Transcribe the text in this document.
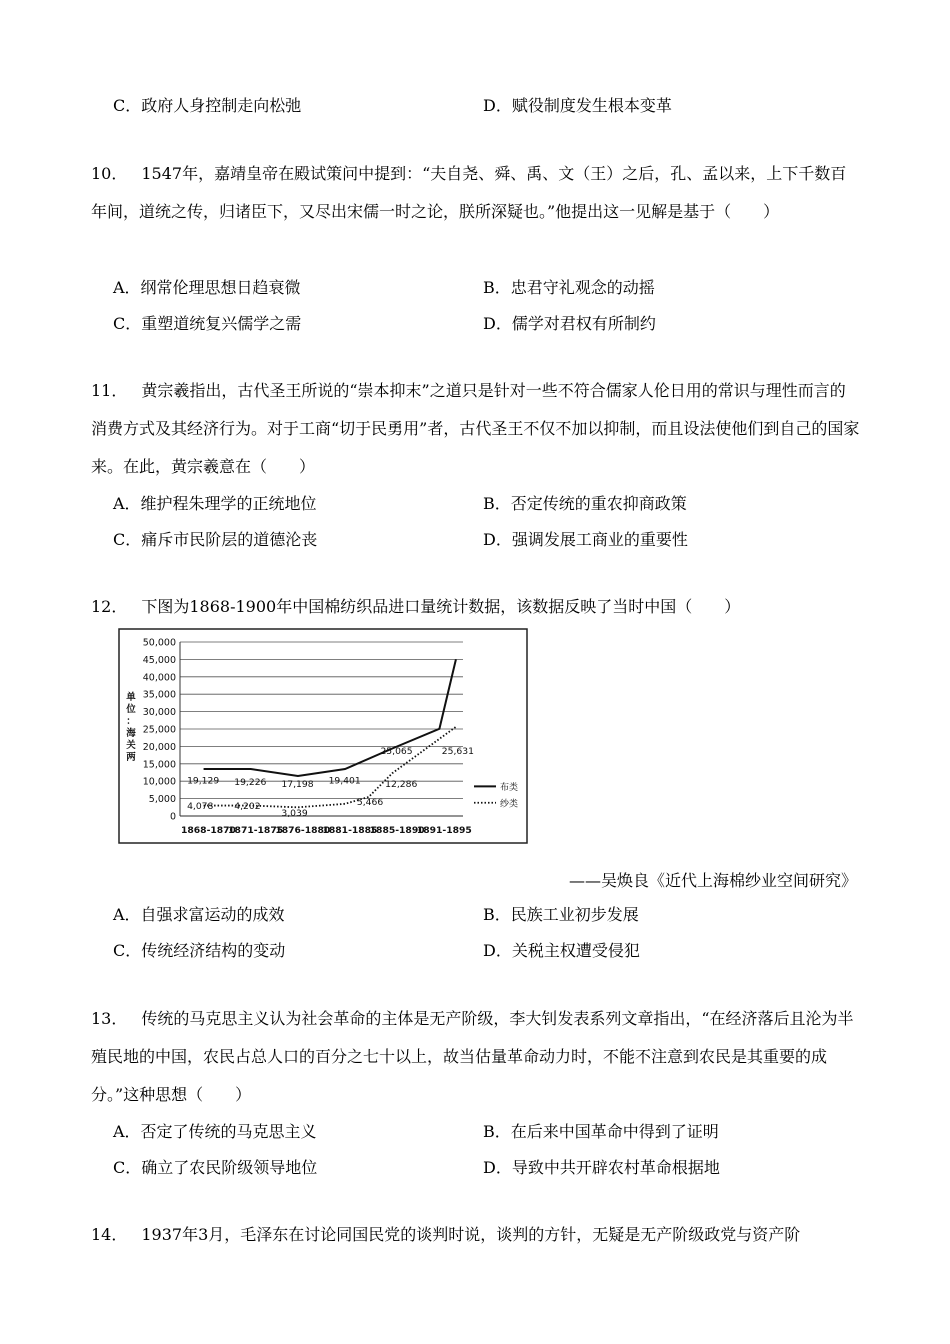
C．政府人身控制走向松弛	D．赋役制度发生根本变革

10． 1547年，嘉靖皇帝在殿试策问中提到：“夫自尧、舜、禹、文（王）之后，孔、孟以来，上下千数百年间，道统之传，归诸臣下，又尽出宋儒一时之论，朕所深疑也。”他提出这一见解是基于（　　）

A．纲常伦理思想日趋衰微	B．忠君守礼观念的动摇
C．重塑道统复兴儒学之需	D．儒学对君权有所制约

11． 黄宗羲指出，古代圣王所说的“崇本抑末”之道只是针对一些不符合儒家人伦日用的常识与理性而言的消费方式及其经济行为。对于工商“切于民勇用”者，古代圣王不仅不加以抑制，而且设法使他们到自己的国家来。在此，黄宗羲意在（　　）

A．维护程朱理学的正统地位	B．否定传统的重农抑商政策
C．痛斥市民阶层的道德沦丧	D．强调发展工商业的重要性

12． 下图为1868-1900年中国棉纺织品进口量统计数据，该数据反映了当时中国（　　）

0
5,000
10,000
15,000
20,000
25,000
30,000
35,000
40,000
45,000
50,000
1868-1870
1871-1875
1876-1880
1881-1885
1885-1890
1891-1895
19,129 19,226 17,198 19,401
25,065	25,631
12,286
5,466
4,078 4,202
3,039
布类
纱类
单
位
：
海
关
两
——吴焕良《近代上海棉纱业空间研究》
A．自强求富运动的成效	B．民族工业初步发展
C．传统经济结构的变动	D．关税主权遭受侵犯

13． 传统的马克思主义认为社会革命的主体是无产阶级，李大钊发表系列文章指出，“在经济落后且沦为半殖民地的中国，农民占总人口的百分之七十以上，故当估量革命动力时，不能不注意到农民是其重要的成分。”这种思想（　　）

A．否定了传统的马克思主义	B．在后来中国革命中得到了证明
C．确立了农民阶级领导地位	D．导致中共开辟农村革命根据地

14． 1937年3月，毛泽东在讨论同国民党的谈判时说，谈判的方针，无疑是无产阶级政党与资产阶
